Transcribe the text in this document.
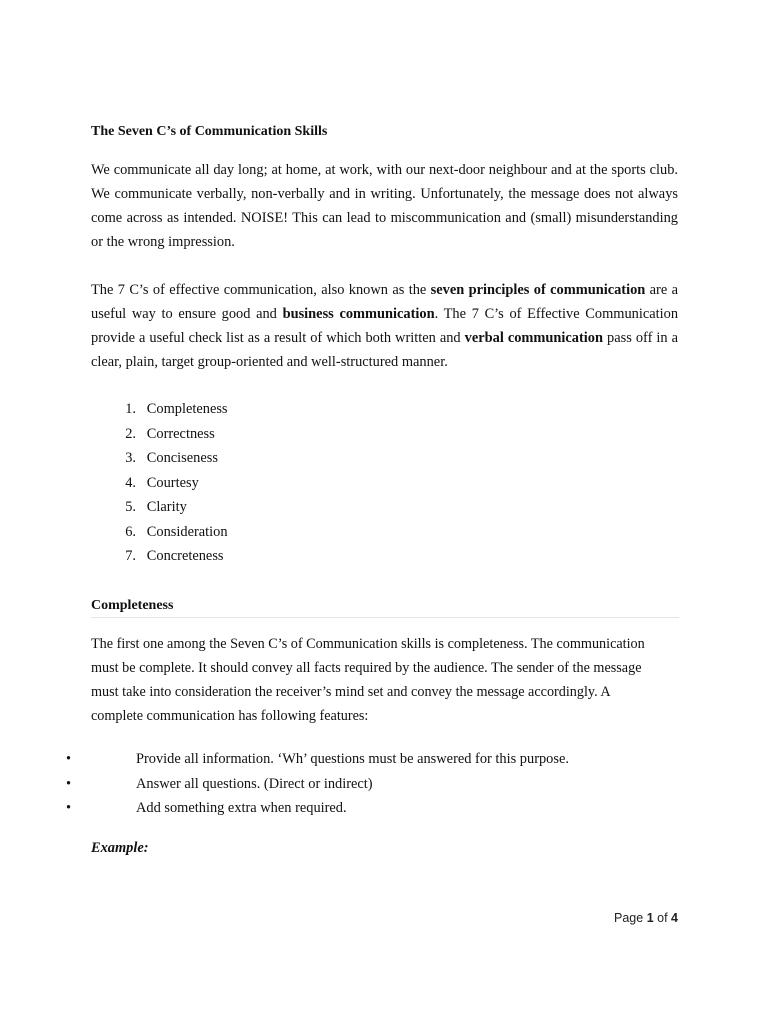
The Seven C’s of Communication Skills

We communicate all day long; at home, at work, with our next-door neighbour and at the sports club. We communicate verbally, non-verbally and in writing. Unfortunately, the message does not always come across as intended. NOISE! This can lead to miscommunication and (small) misunderstanding or the wrong impression.

The 7 C’s of effective communication, also known as the seven principles of communication are a useful way to ensure good and business communication. The 7 C’s of Effective Communication provide a useful check list as a result of which both written and verbal communication pass off in a clear, plain, target group-oriented and well-structured manner.

1. Completeness
2. Correctness
3. Conciseness
4. Courtesy
5. Clarity
6. Consideration
7. Concreteness
Completeness

The first one among the Seven C’s of Communication skills is completeness. The communication must be complete. It should convey all facts required by the audience. The sender of the message must take into consideration the receiver’s mind set and convey the message accordingly. A complete communication has following features:

•	Provide all information. ‘Wh’ questions must be answered for this purpose.
•	Answer all questions. (Direct or indirect)
•	Add something extra when required.
Example:
Page 1 of 4
